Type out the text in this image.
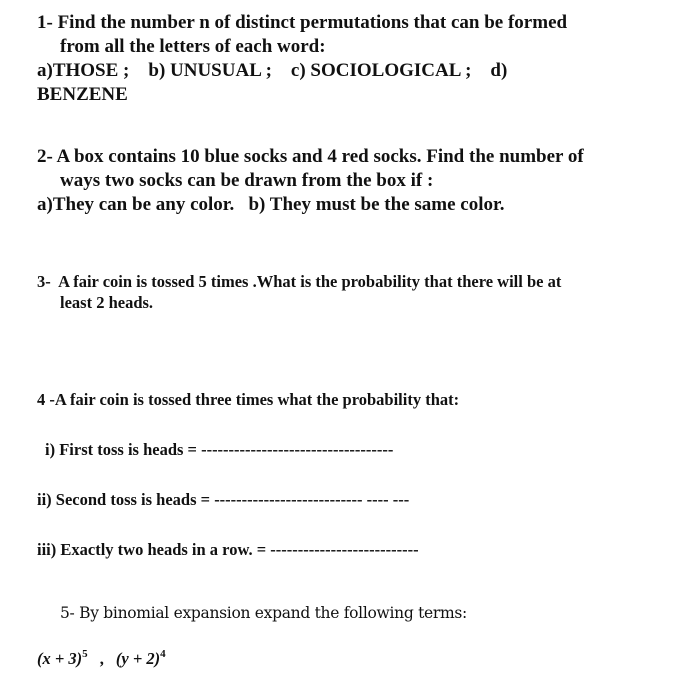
1- Find the number n of distinct permutations that can be formed
from all the letters of each word:
a)THOSE ;    b) UNUSUAL ;    c) SOCIOLOGICAL ;    d)
BENZENE
2- A box contains 10 blue socks and 4 red socks. Find the number of
ways two socks can be drawn from the box if :
a)They can be any color.   b) They must be the same color.
3-  A fair coin is tossed 5 times .What is the probability that there will be at
least 2 heads.
4 -A fair coin is tossed three times what the probability that:
i) First toss is heads = -----------------------------------
ii) Second toss is heads = --------------------------- ---- ---
iii) Exactly two heads in a row. = ---------------------------
5- By binomial expansion expand the following terms:
$(x + 3)^5$ , $(y + 2)^4$
